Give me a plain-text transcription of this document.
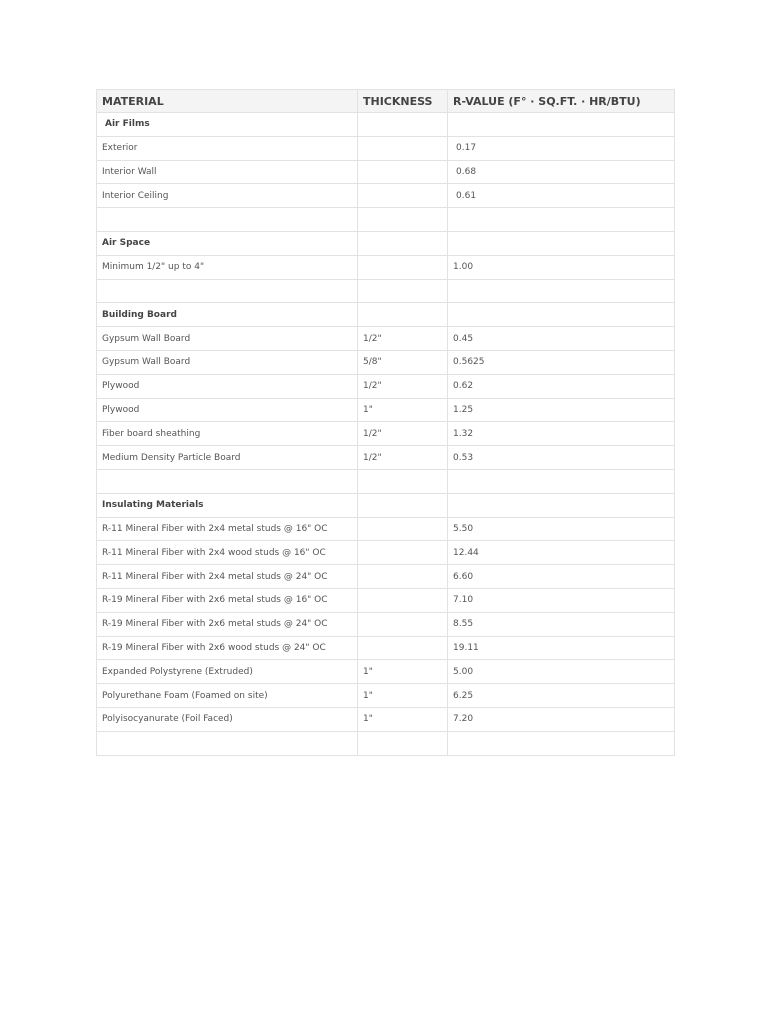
MATERIAL	THICKNESS	R-VALUE (F° · SQ.FT. · HR/BTU)
Air Films		
Exterior		0.17
Interior Wall		0.68
Interior Ceiling		0.61

Air Space		
Minimum 1/2" up to 4"		1.00

Building Board		
Gypsum Wall Board	1/2"	0.45
Gypsum Wall Board	5/8"	0.5625
Plywood	1/2"	0.62
Plywood	1"	1.25
Fiber board sheathing	1/2"	1.32
Medium Density Particle Board	1/2"	0.53

Insulating Materials		
R-11 Mineral Fiber with 2x4 metal studs @ 16" OC		5.50
R-11 Mineral Fiber with 2x4 wood studs @ 16" OC		12.44
R-11 Mineral Fiber with 2x4 metal studs @ 24" OC		6.60
R-19 Mineral Fiber with 2x6 metal studs @ 16" OC		7.10
R-19 Mineral Fiber with 2x6 metal studs @ 24" OC		8.55
R-19 Mineral Fiber with 2x6 wood studs @ 24" OC		19.11
Expanded Polystyrene (Extruded)	1"	5.00
Polyurethane Foam (Foamed on site)	1"	6.25
Polyisocyanurate (Foil Faced)	1"	7.20
